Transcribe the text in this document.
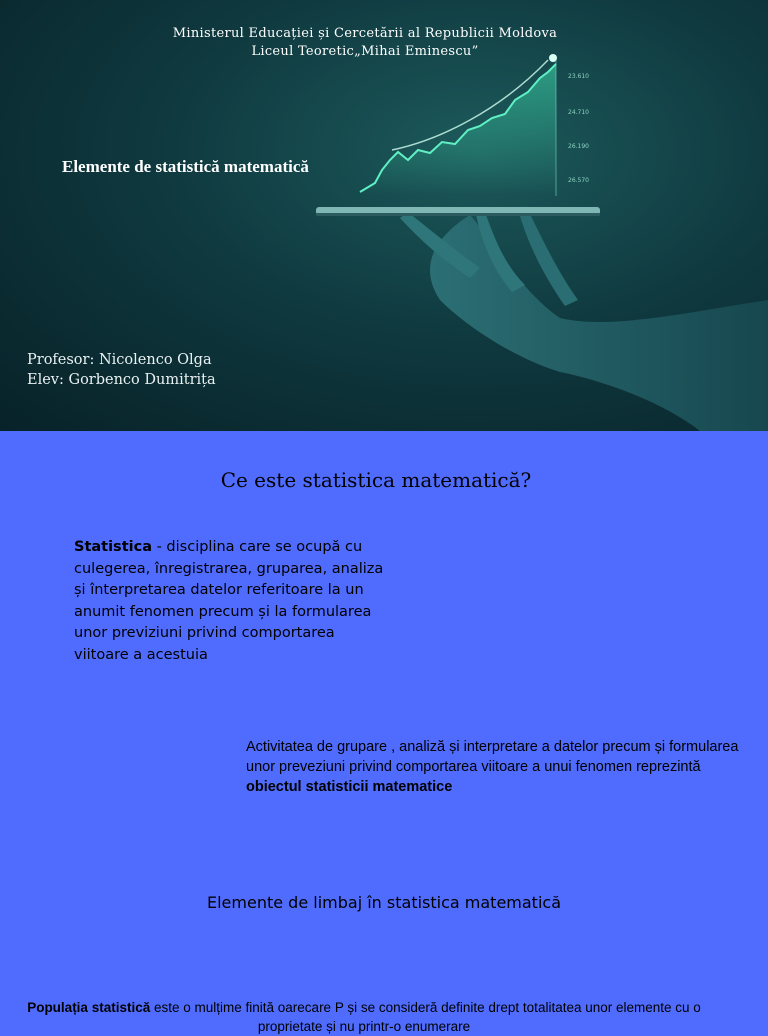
23.610
24.710
26.190
26.570
Ministerul Educației și Cercetării al Republicii Moldova
Liceul Teoretic„Mihai Eminescu”
Elemente de statistică matematică
Profesor: Nicolenco Olga
Elev: Gorbenco Dumitrița
Ce este statistica matematică?
Statistica - disciplina care se ocupă cu culegerea, înregistrarea, gruparea, analiza și înterpretarea datelor referitoare la un anumit fenomen precum și la formularea unor previziuni privind comportarea viitoare a acestuia
Activitatea de grupare , analiză și interpretare a datelor precum și formularea unor preveziuni privind comportarea viitoare a unui fenomen reprezintă obiectul statisticii matematice
Elemente de limbaj în statistica matematică
Populația statistică este o mulțime finită oarecare P și se consideră definite drept totalitatea unor elemente cu o proprietate și nu printr-o enumerare
